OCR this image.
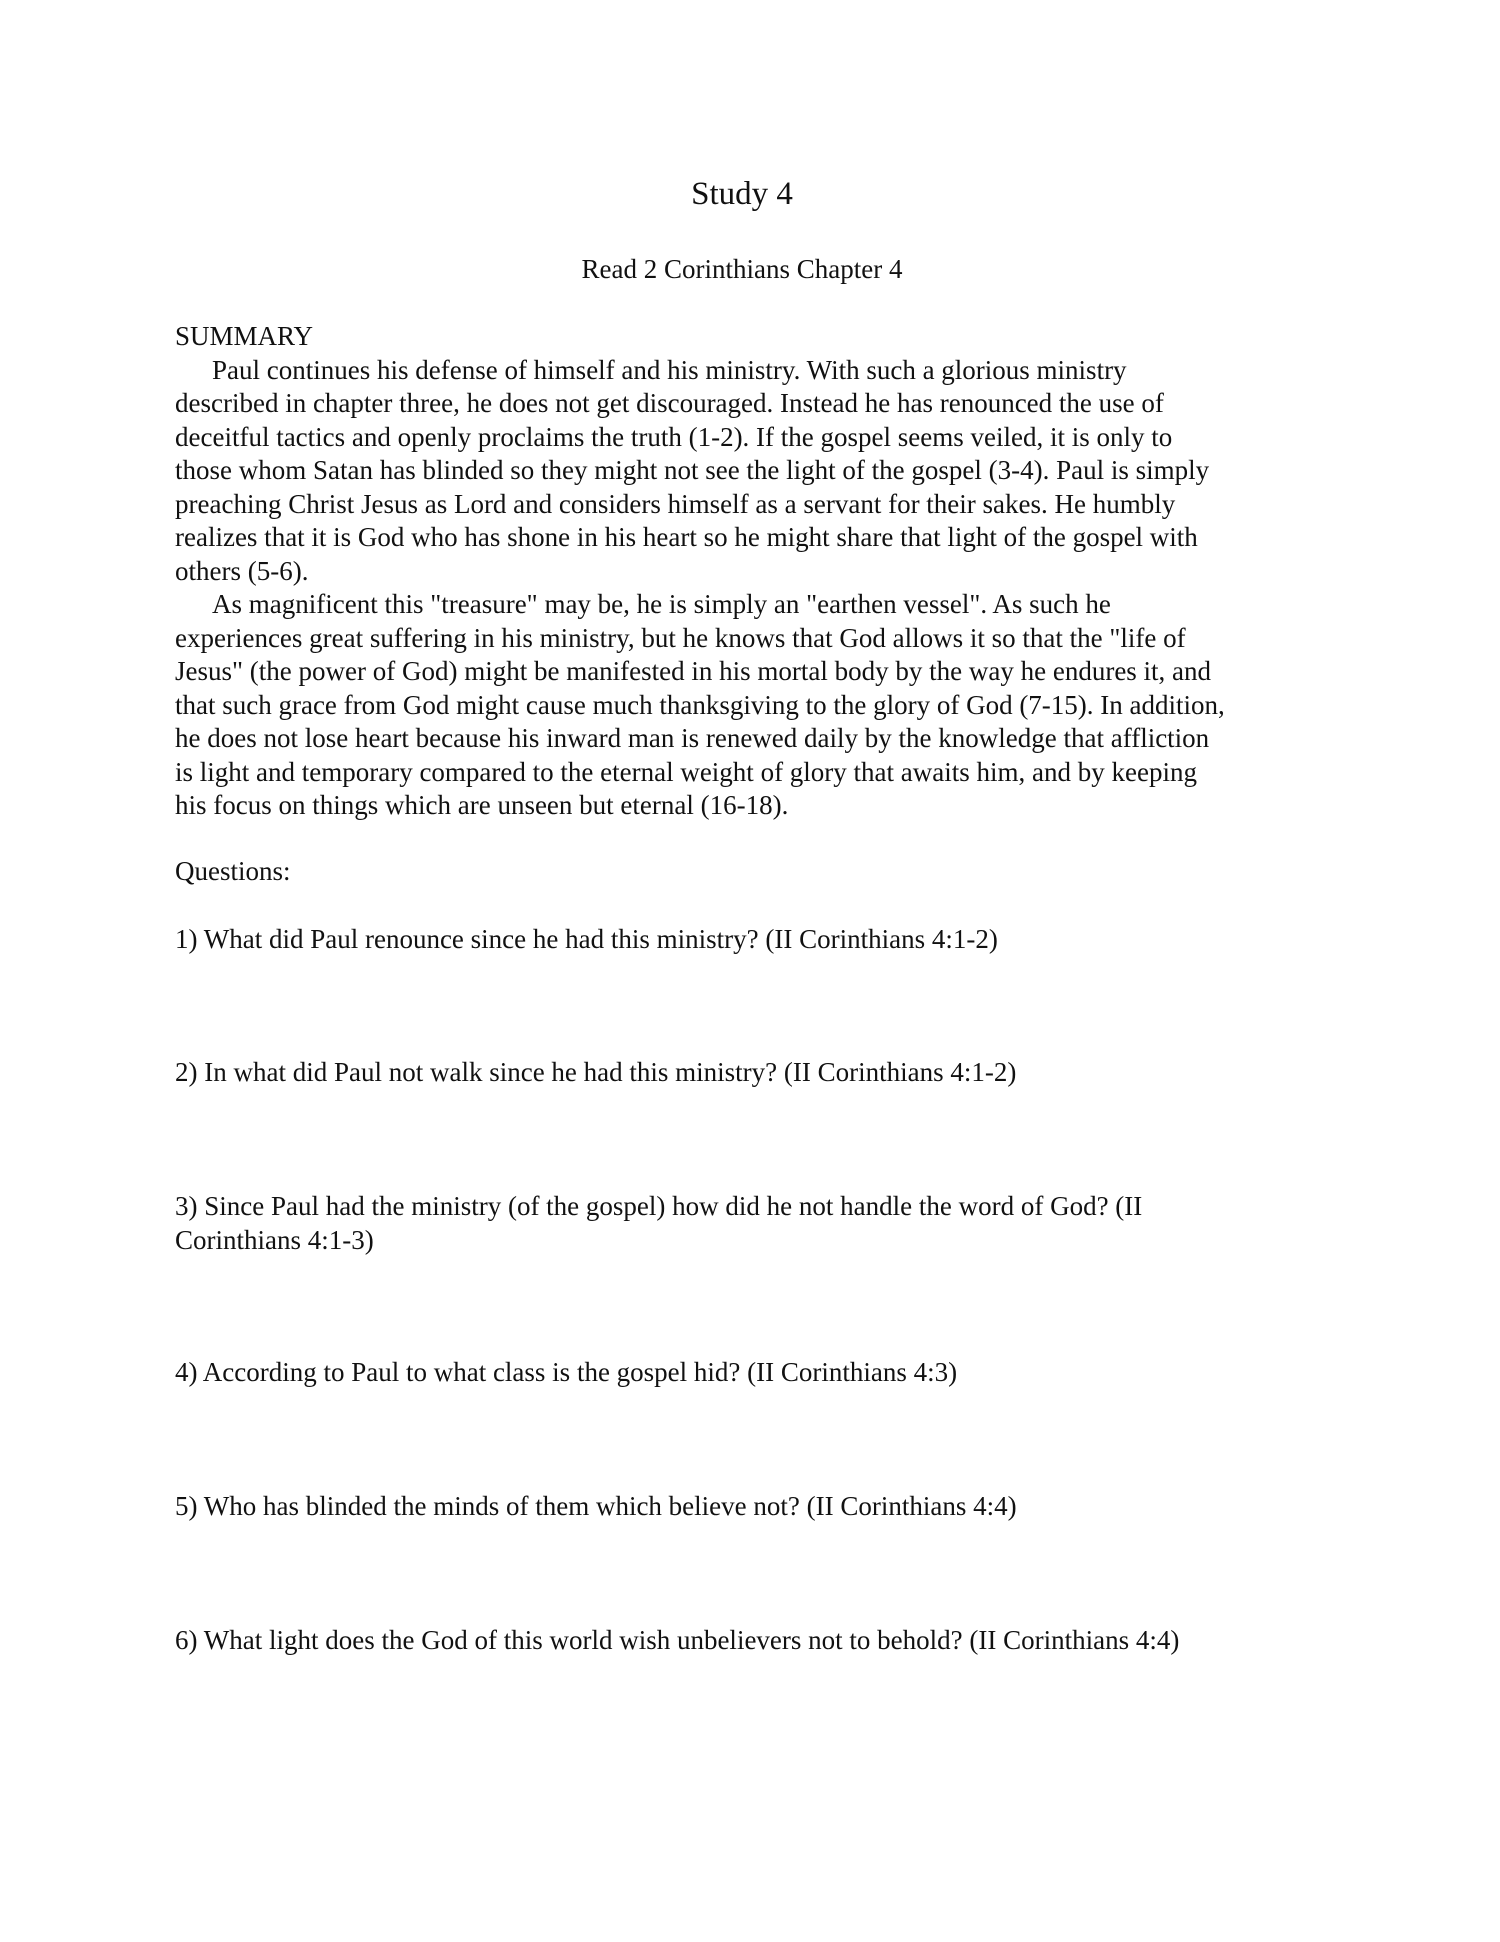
Study 4
Read 2 Corinthians Chapter 4
SUMMARY
Paul continues his defense of himself and his ministry. With such a glorious ministry
described in chapter three, he does not get discouraged. Instead he has renounced the use of
deceitful tactics and openly proclaims the truth (1-2). If the gospel seems veiled, it is only to
those whom Satan has blinded so they might not see the light of the gospel (3-4). Paul is simply
preaching Christ Jesus as Lord and considers himself as a servant for their sakes. He humbly
realizes that it is God who has shone in his heart so he might share that light of the gospel with
others (5-6).
As magnificent this "treasure" may be, he is simply an "earthen vessel". As such he
experiences great suffering in his ministry, but he knows that God allows it so that the "life of
Jesus" (the power of God) might be manifested in his mortal body by the way he endures it, and
that such grace from God might cause much thanksgiving to the glory of God (7-15). In addition,
he does not lose heart because his inward man is renewed daily by the knowledge that affliction
is light and temporary compared to the eternal weight of glory that awaits him, and by keeping
his focus on things which are unseen but eternal (16-18).
Questions:
1) What did Paul renounce since he had this ministry? (II Corinthians 4:1-2)
2) In what did Paul not walk since he had this ministry? (II Corinthians 4:1-2)
3) Since Paul had the ministry (of the gospel) how did he not handle the word of God? (II
Corinthians 4:1-3)
4) According to Paul to what class is the gospel hid? (II Corinthians 4:3)
5) Who has blinded the minds of them which believe not? (II Corinthians 4:4)
6) What light does the God of this world wish unbelievers not to behold? (II Corinthians 4:4)
